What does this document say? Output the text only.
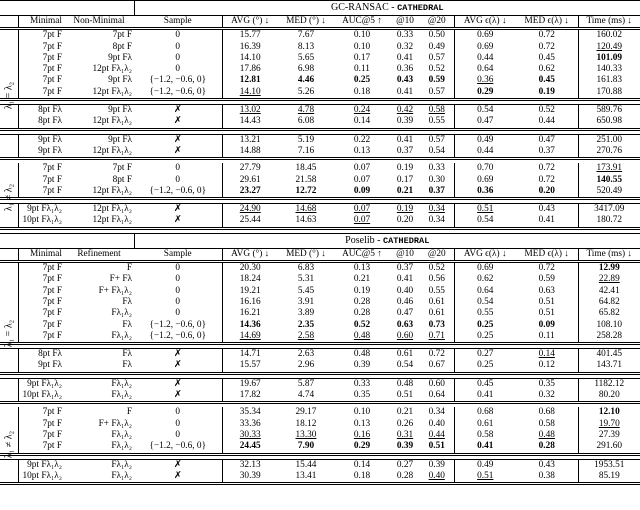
			GC-RANSAC - CATHEDRAL								
	Minimal	Non-Minimal	Sample	AVG (°) ↓	MED (°) ↓	AUC@5 ↑	@10	@20	AVG ϵ(λ) ↓	MED ϵ(λ) ↓	Time (ms) ↓
	7pt F	7pt F	0	15.77	7.67	0.10	0.33	0.50	0.69	0.72	160.02
	7pt F	8pt F	0	16.39	8.13	0.10	0.32	0.49	0.69	0.72	120.49
	7pt F	9pt Fλ	0	14.10	5.65	0.17	0.41	0.57	0.44	0.45	101.09
	7pt F	12pt Fλ₁λ₂	0	17.86	6.98	0.11	0.36	0.52	0.64	0.62	140.33
	7pt F	9pt Fλ	{−1.2, −0.6, 0}	12.81	4.46	0.25	0.43	0.59	0.36	0.45	161.83
	7pt F	12pt Fλ₁λ₂	{−1.2, −0.6, 0}	14.10	5.26	0.18	0.41	0.57	0.29	0.19	170.88

	8pt Fλ	9pt Fλ	✗	13.02	4.78	0.24	0.42	0.58	0.54	0.52	589.76
	8pt Fλ	12pt Fλ₁λ₂	✗	14.43	6.08	0.14	0.39	0.55	0.47	0.44	650.98

	9pt Fλ	9pt Fλ	✗	13.21	5.19	0.22	0.41	0.57	0.49	0.47	251.00
	9pt Fλ	12pt Fλ₁λ₂	✗	14.88	7.16	0.13	0.37	0.54	0.44	0.37	270.76

	7pt F	7pt F	0	27.79	18.45	0.07	0.19	0.33	0.70	0.72	173.91
	7pt F	8pt F	0	29.61	21.58	0.07	0.17	0.30	0.69	0.72	140.55
	7pt F	12pt Fλ₁λ₂	{−1.2, −0.6, 0}	23.27	12.72	0.09	0.21	0.37	0.36	0.20	520.49

	9pt Fλ₁λ₂	12pt Fλ₁λ₂	✗	24.90	14.68	0.07	0.19	0.34	0.51	0.43	3417.09
	10pt Fλ₁λ₂	12pt Fλ₁λ₂	✗	25.44	14.63	0.07	0.20	0.34	0.54	0.41	180.72

			Poselib - CATHEDRAL								
	Minimal	Refinement	Sample	AVG (°) ↓	MED (°) ↓	AUC@5 ↑	@10	@20	AVG ϵ(λ) ↓	MED ϵ(λ) ↓	Time (ms) ↓
	7pt F	F	0	20.30	6.83	0.13	0.37	0.52	0.69	0.72	12.99
	7pt F	F+ Fλ	0	18.24	5.31	0.21	0.41	0.56	0.62	0.59	22.89
	7pt F	F+ Fλ₁λ₂	0	19.21	5.45	0.19	0.40	0.55	0.64	0.63	42.41
	7pt F	Fλ	0	16.16	3.91	0.28	0.46	0.61	0.54	0.51	64.82
	7pt F	Fλ₁λ₂	0	16.21	3.89	0.28	0.47	0.61	0.55	0.51	65.82
	7pt F	Fλ	{−1.2, −0.6, 0}	14.36	2.35	0.52	0.63	0.73	0.25	0.09	108.10
	7pt F	Fλ₁λ₂	{−1.2, −0.6, 0}	14.69	2.58	0.48	0.60	0.71	0.25	0.11	258.28

	8pt Fλ	Fλ	✗	14.71	2.63	0.48	0.61	0.72	0.27	0.14	401.45
	9pt Fλ	Fλ	✗	15.57	2.96	0.39	0.54	0.67	0.25	0.12	143.71

	9pt Fλ₁λ₂	Fλ₁λ₂	✗	19.67	5.87	0.33	0.48	0.60	0.45	0.35	1182.12
	10pt Fλ₁λ₂	Fλ₁λ₂	✗	17.82	4.74	0.35	0.51	0.64	0.41	0.32	80.20

	7pt F	F	0	35.34	29.17	0.10	0.21	0.34	0.68	0.68	12.10
	7pt F	F+ Fλ₁λ₂	0	33.36	18.12	0.13	0.26	0.40	0.61	0.58	19.70
	7pt F	Fλ₁λ₂	0	30.33	13.30	0.16	0.31	0.44	0.58	0.48	27.39
	7pt F	Fλ₁λ₂	{−1.2, −0.6, 0}	24.45	7.90	0.29	0.39	0.51	0.41	0.28	291.60

	9pt Fλ₁λ₂	Fλ₁λ₂	✗	32.13	15.44	0.14	0.27	0.39	0.49	0.43	1953.51
	10pt Fλ₁λ₂	Fλ₁λ₂	✗	30.39	13.41	0.18	0.28	0.40	0.51	0.38	85.19
λ₁ = λ₂
λ₁ ≠ λ₂
λ₁ = λ₂
λ₁ ≠ λ₂
